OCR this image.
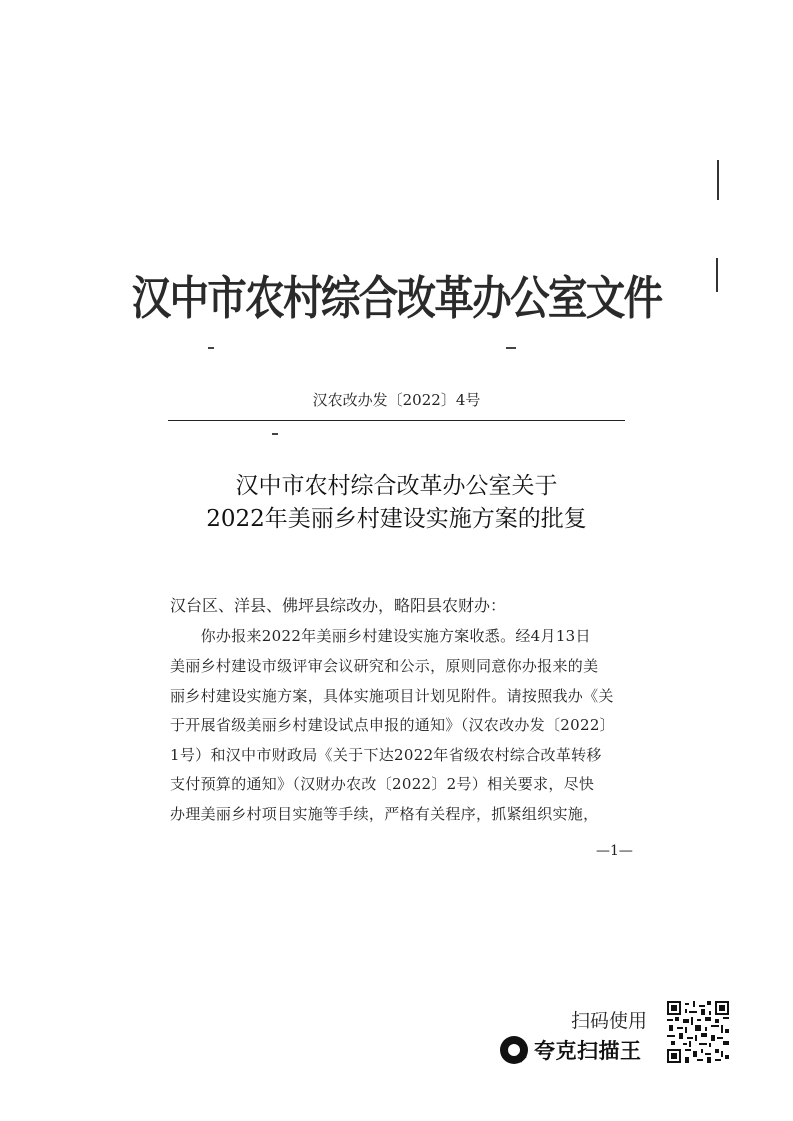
汉中市农村综合改革办公室文件
汉农改办发〔2022〕4号
汉中市农村综合改革办公室关于
2022年美丽乡村建设实施方案的批复
汉台区、洋县、佛坪县综改办，略阳县农财办：
　　你办报来2022年美丽乡村建设实施方案收悉。经4月13日
美丽乡村建设市级评审会议研究和公示，原则同意你办报来的美
丽乡村建设实施方案，具体实施项目计划见附件。请按照我办《关
于开展省级美丽乡村建设试点申报的通知》（汉农改办发〔2022〕
1号）和汉中市财政局《关于下达2022年省级农村综合改革转移
支付预算的通知》（汉财办农改〔2022〕2号）相关要求，尽快
办理美丽乡村项目实施等手续，严格有关程序，抓紧组织实施，
—1—
扫码使用
夸克扫描王
